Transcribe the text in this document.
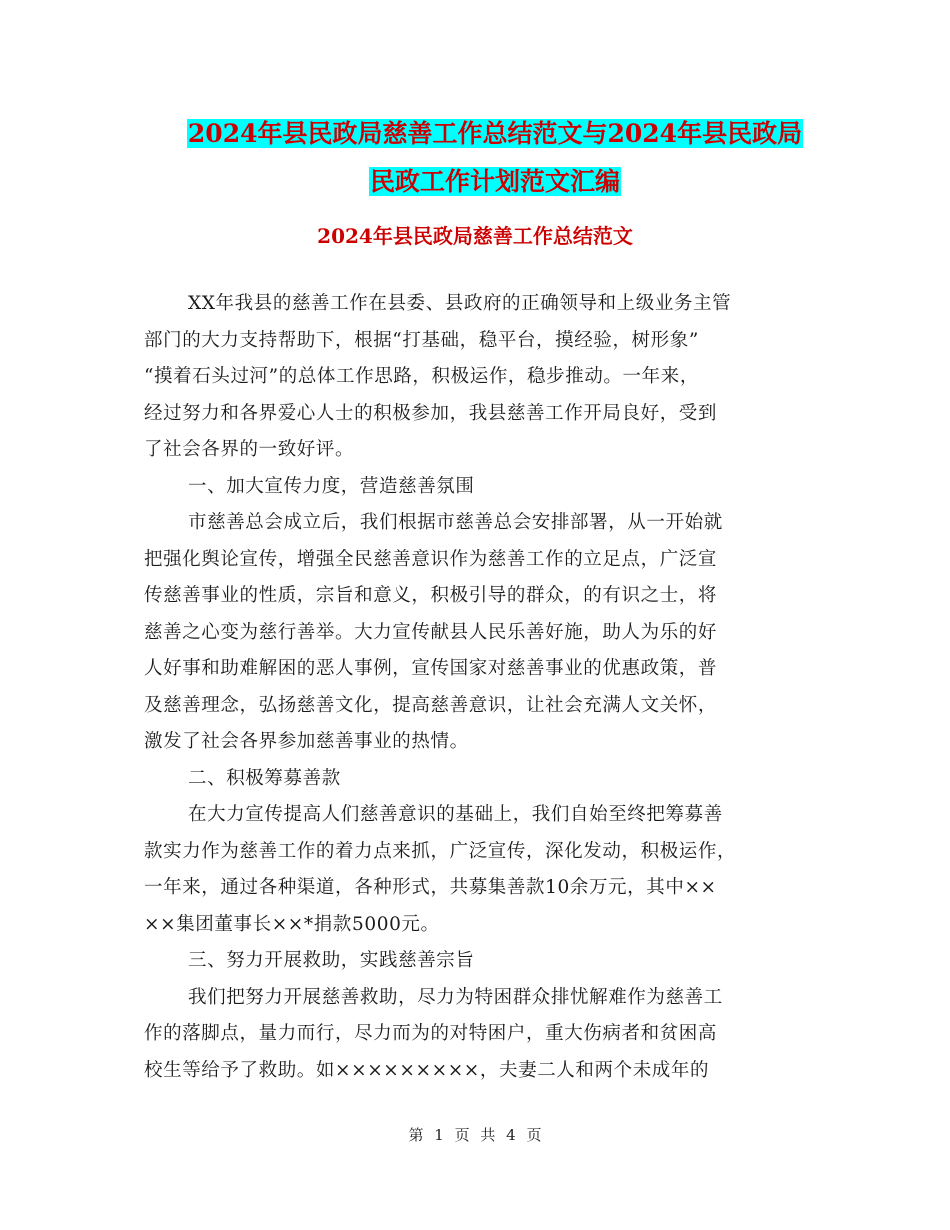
2024年县民政局慈善工作总结范文与2024年县民政局
民政工作计划范文汇编
2024年县民政局慈善工作总结范文
XX年我县的慈善工作在县委、县政府的正确领导和上级业务主管
部门的大力支持帮助下，根据“打基础，稳平台，摸经验，树形象”
“摸着石头过河”的总体工作思路，积极运作，稳步推动。一年来，
经过努力和各界爱心人士的积极参加，我县慈善工作开局良好，受到
了社会各界的一致好评。
一、加大宣传力度，营造慈善氛围
市慈善总会成立后，我们根据市慈善总会安排部署，从一开始就
把强化舆论宣传，增强全民慈善意识作为慈善工作的立足点，广泛宣
传慈善事业的性质，宗旨和意义，积极引导的群众，的有识之士，将
慈善之心变为慈行善举。大力宣传献县人民乐善好施，助人为乐的好
人好事和助难解困的恶人事例，宣传国家对慈善事业的优惠政策，普
及慈善理念，弘扬慈善文化，提高慈善意识，让社会充满人文关怀，
激发了社会各界参加慈善事业的热情。
二、积极筹募善款
在大力宣传提高人们慈善意识的基础上，我们自始至终把筹募善
款实力作为慈善工作的着力点来抓，广泛宣传，深化发动，积极运作，
一年来，通过各种渠道，各种形式，共募集善款10余万元，其中××
××集团董事长××*捐款5000元。
三、努力开展救助，实践慈善宗旨
我们把努力开展慈善救助，尽力为特困群众排忧解难作为慈善工
作的落脚点，量力而行，尽力而为的对特困户，重大伤病者和贫困高
校生等给予了救助。如×××××××××，夫妻二人和两个未成年的
第 1 页 共 4 页
